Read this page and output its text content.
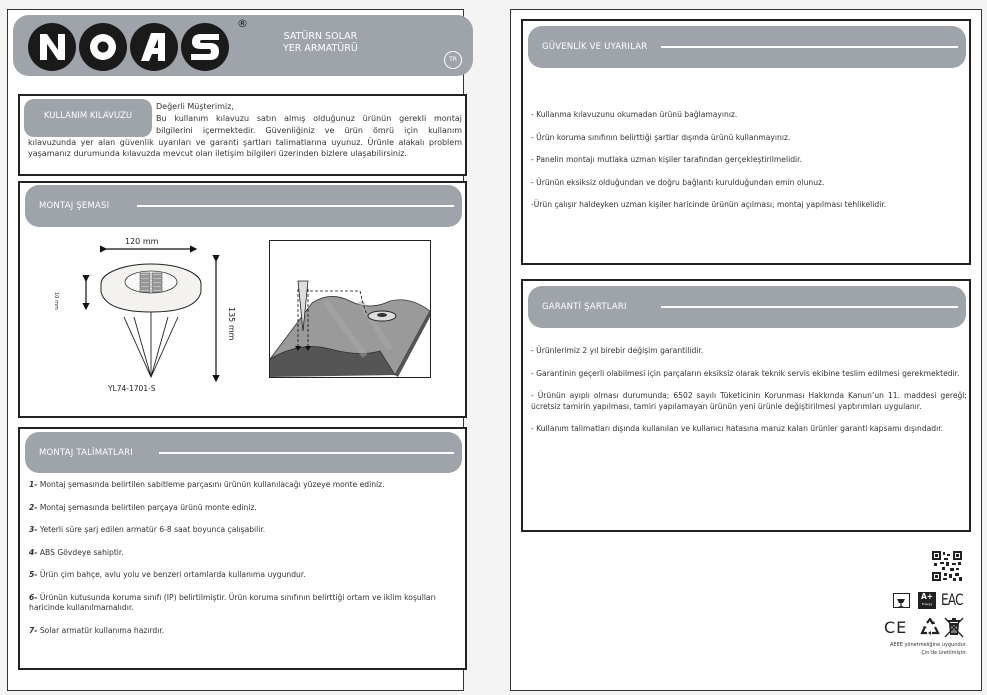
®
SATÜRN SOLAR
YER ARMATÜRÜ
TR
KULLANIM KILAVUZU
Değerli Müşterimiz,
Bu kullanım kılavuzu satın almış olduğunuz ürünün gerekli montaj
bilgilerini içermektedir. Güvenliğiniz ve ürün ömrü için kullanım
kılavuzunda yer alan güvenlik uyarıları ve garanti şartları talimatlarına uyunuz. Ürünle alakalı problem yaşamanız durumunda kılavuzda mevcut olan iletişim bilgileri üzerinden bizlere ulaşabilirsiniz.
MONTAJ ŞEMASI
120 mm
10 mm
135 mm
YL74-1701-S
MONTAJ TALİMATLARI
1- Montaj şemasında belirtilen sabitleme parçasını ürünün kullanılacağı yüzeye monte ediniz.
2- Montaj şemasında belirtilen parçaya ürünü monte ediniz.
3- Yeterli süre şarj edilen armatür 6-8 saat boyunca çalışabilir.
4- ABS Gövdeye sahiptir.
5- Ürün çim bahçe, avlu yolu ve benzeri ortamlarda kullanıma uygundur.
6- Ürünün kutusunda koruma sınıfı (IP) belirtilmiştir. Ürün koruma sınıfının belirttiği ortam ve iklim koşulları haricinde kullanılmamalıdır.
7- Solar armatür kullanıma hazırdır.
GÜVENLİK VE UYARILAR
- Kullanma kılavuzunu okumadan ürünü bağlamayınız.
- Ürün koruma sınıfının belirttiği şartlar dışında ürünü kullanmayınız.
- Panelin montajı mutlaka uzman kişiler tarafından gerçekleştirilmelidir.
- Ürünün eksiksiz olduğundan ve doğru bağlantı kurulduğundan emin olunuz.
-Ürün çalışır haldeyken uzman kişiler haricinde ürünün açılması, montaj yapılması tehlikelidir.
GARANTİ ŞARTLARI
- Ürünlerimiz 2 yıl birebir değişim garantilidir.
- Garantinin geçerli olabilmesi için parçaların eksiksiz olarak teknik servis ekibine teslim edilmesi gerekmektedir.
- Ürünün ayıplı olması durumunda; 6502 sayılı Tüketicinin Korunması Hakkında Kanun’un 11. maddesi gereği; ücretsiz tamirin yapılması, tamiri yapılamayan ürünün yeni ürünle değiştirilmesi yaptırımları uygulanır.
- Kullanım talimatları dışında kullanılan ve kullanıcı hatasına maruz kalan ürünler garanti kapsamı dışındadır.
A+
Energy EAC
CE
AEEE yönetmeliğine uygundur.
Çin'de üretilmiştir.
